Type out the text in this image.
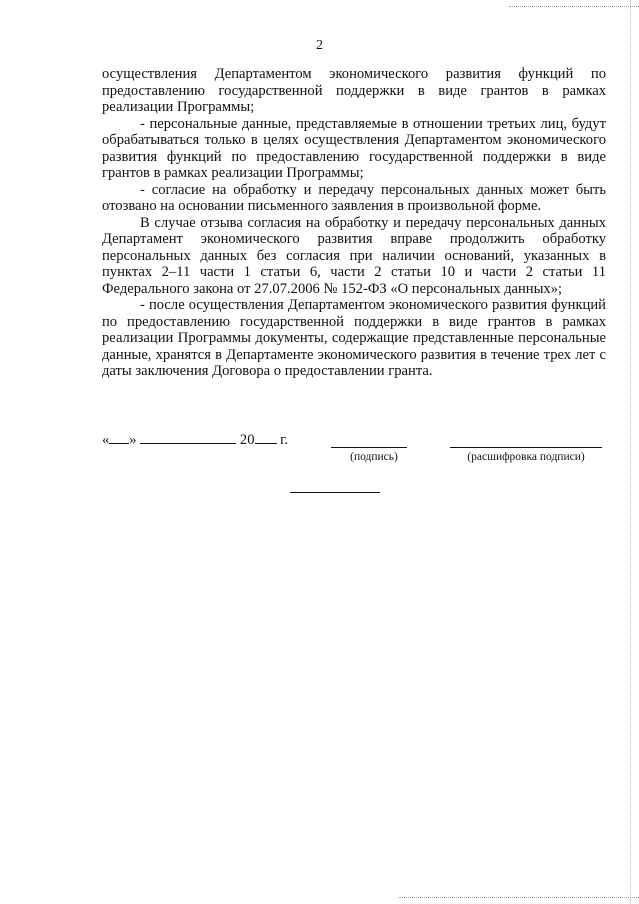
2

осуществления Департаментом экономического развития функций по предоставлению государственной поддержки в виде грантов в рамках реализации Программы;

- персональные данные, представляемые в отношении третьих лиц, будут обрабатываться только в целях осуществления Департаментом экономического развития функций по предоставлению государственной поддержки в виде грантов в рамках реализации Программы;

- согласие на обработку и передачу персональных данных может быть отозвано на основании письменного заявления в произвольной форме.

В случае отзыва согласия на обработку и передачу персональных данных Департамент экономического развития вправе продолжить обработку персональных данных без согласия при наличии оснований, указанных в пунктах 2–11 части 1 статьи 6, части 2 статьи 10 и части 2 статьи 11 Федерального закона от 27.07.2006 № 152-ФЗ «О персональных данных»;

- после осуществления Департаментом экономического развития функций по предоставлению государственной поддержки в виде грантов в рамках реализации Программы документы, содержащие представленные персональные данные, хранятся в Департаменте экономического развития в течение трех лет с даты заключения Договора о предоставлении гранта.

« »	20 г.
(подпись)	(расшифровка подписи)
